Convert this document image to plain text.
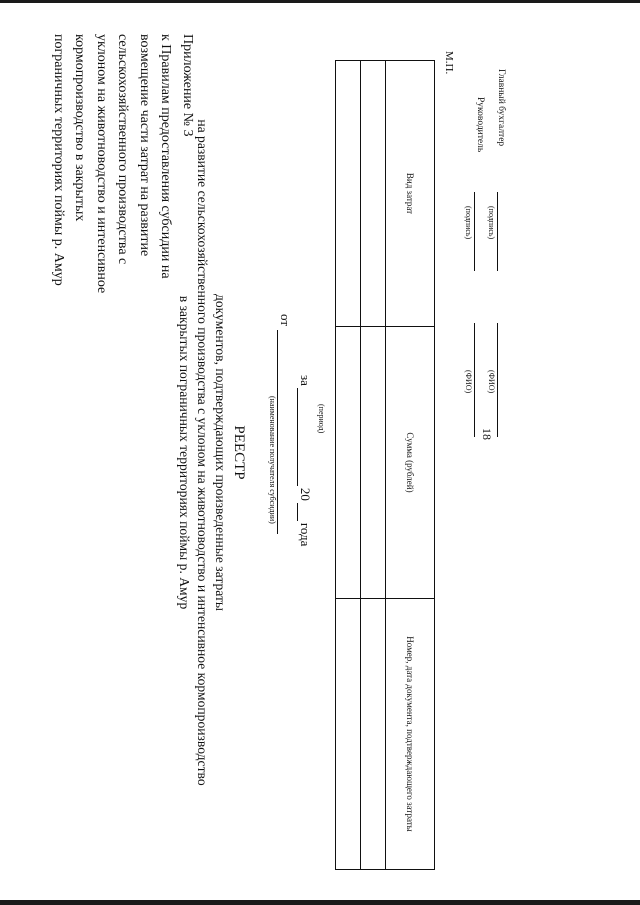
18
Приложение № 3
к Правилам предоставления субсидии на
возмещение части затрат на развитие
сельскохозяйственного производства с
уклоном на животноводство и интенсивное
кормопроизводство в закрытых
пограничных территориях поймы р. Амур
РЕЕСТР
документов, подтверждающих произведенные затраты
на развитие сельскохозяйственного производства с уклоном на животноводство и интенсивное кормопроизводство
в закрытых пограничных территориях поймы р. Амур	от
(наименование получателя субсидии)
за20года
(период)
Вид затрат	Сумма (рублей)	Номер, дата документа, подтверждающего затраты

Руководитель
(подпись)
(ФИО)
Главный бухгалтер
(подпись)
(ФИО)
М.П.
